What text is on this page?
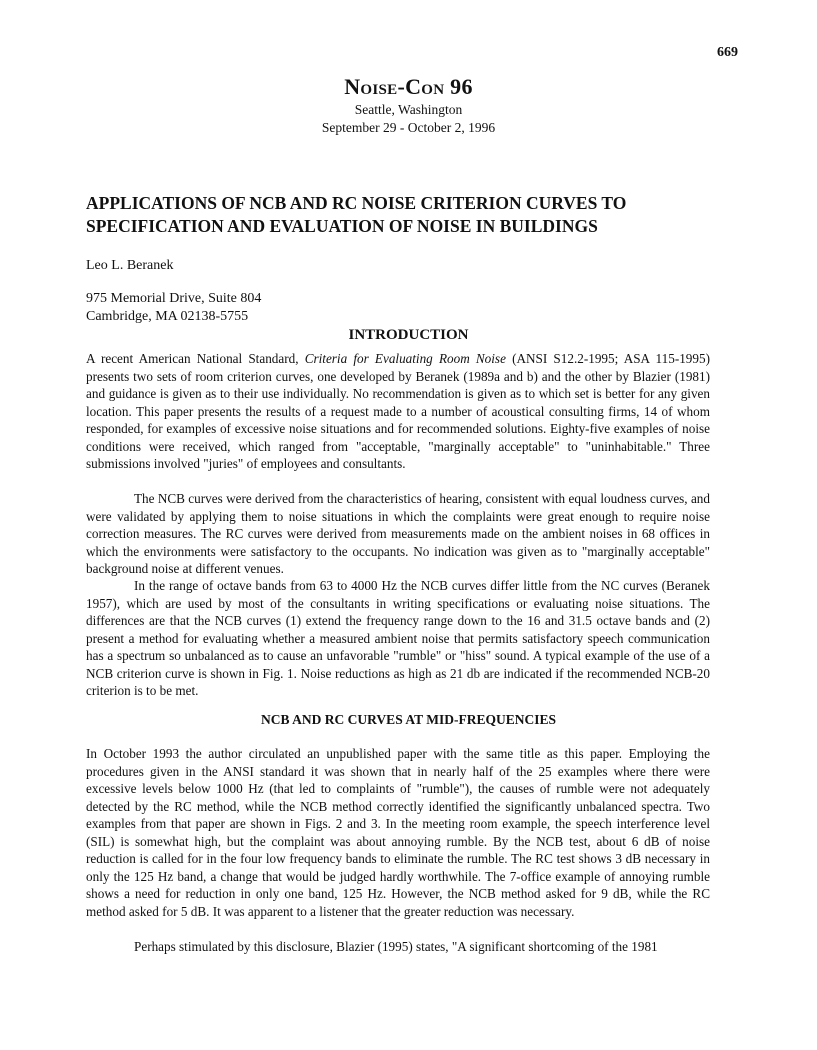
669
Noise-Con 96
Seattle, Washington
September 29 - October 2, 1996
APPLICATIONS OF NCB AND RC NOISE CRITERION CURVES TO SPECIFICATION AND EVALUATION OF NOISE IN BUILDINGS
Leo L. Beranek
975 Memorial Drive, Suite 804
Cambridge, MA 02138-5755
INTRODUCTION

A recent American National Standard, Criteria for Evaluating Room Noise (ANSI S12.2-1995; ASA 115-1995) presents two sets of room criterion curves, one developed by Beranek (1989a and b) and the other by Blazier (1981) and guidance is given as to their use individually. No recommendation is given as to which set is better for any given location. This paper presents the results of a request made to a number of acoustical consulting firms, 14 of whom responded, for examples of excessive noise situations and for recommended solutions. Eighty-five examples of noise conditions were received, which ranged from "acceptable, "marginally acceptable" to "uninhabitable." Three submissions involved "juries" of employees and consultants.

The NCB curves were derived from the characteristics of hearing, consistent with equal loudness curves, and were validated by applying them to noise situations in which the complaints were great enough to require noise correction measures. The RC curves were derived from measurements made on the ambient noises in 68 offices in which the environments were satisfactory to the occupants. No indication was given as to "marginally acceptable" background noise at different venues.

In the range of octave bands from 63 to 4000 Hz the NCB curves differ little from the NC curves (Beranek 1957), which are used by most of the consultants in writing specifications or evaluating noise situations. The differences are that the NCB curves (1) extend the frequency range down to the 16 and 31.5 octave bands and (2) present a method for evaluating whether a measured ambient noise that permits satisfactory speech communication has a spectrum so unbalanced as to cause an unfavorable "rumble" or "hiss" sound. A typical example of the use of a NCB criterion curve is shown in Fig. 1. Noise reductions as high as 21 db are indicated if the recommended NCB-20 criterion is to be met.

NCB AND RC CURVES AT MID-FREQUENCIES

In October 1993 the author circulated an unpublished paper with the same title as this paper. Employing the procedures given in the ANSI standard it was shown that in nearly half of the 25 examples where there were excessive levels below 1000 Hz (that led to complaints of "rumble"), the causes of rumble were not adequately detected by the RC method, while the NCB method correctly identified the significantly unbalanced spectra. Two examples from that paper are shown in Figs. 2 and 3. In the meeting room example, the speech interference level (SIL) is somewhat high, but the complaint was about annoying rumble. By the NCB test, about 6 dB of noise reduction is called for in the four low frequency bands to eliminate the rumble. The RC test shows 3 dB necessary in only the 125 Hz band, a change that would be judged hardly worthwhile. The 7-office example of annoying rumble shows a need for reduction in only one band, 125 Hz. However, the NCB method asked for 9 dB, while the RC method asked for 5 dB. It was apparent to a listener that the greater reduction was necessary.

Perhaps stimulated by this disclosure, Blazier (1995) states, "A significant shortcoming of the 1981
